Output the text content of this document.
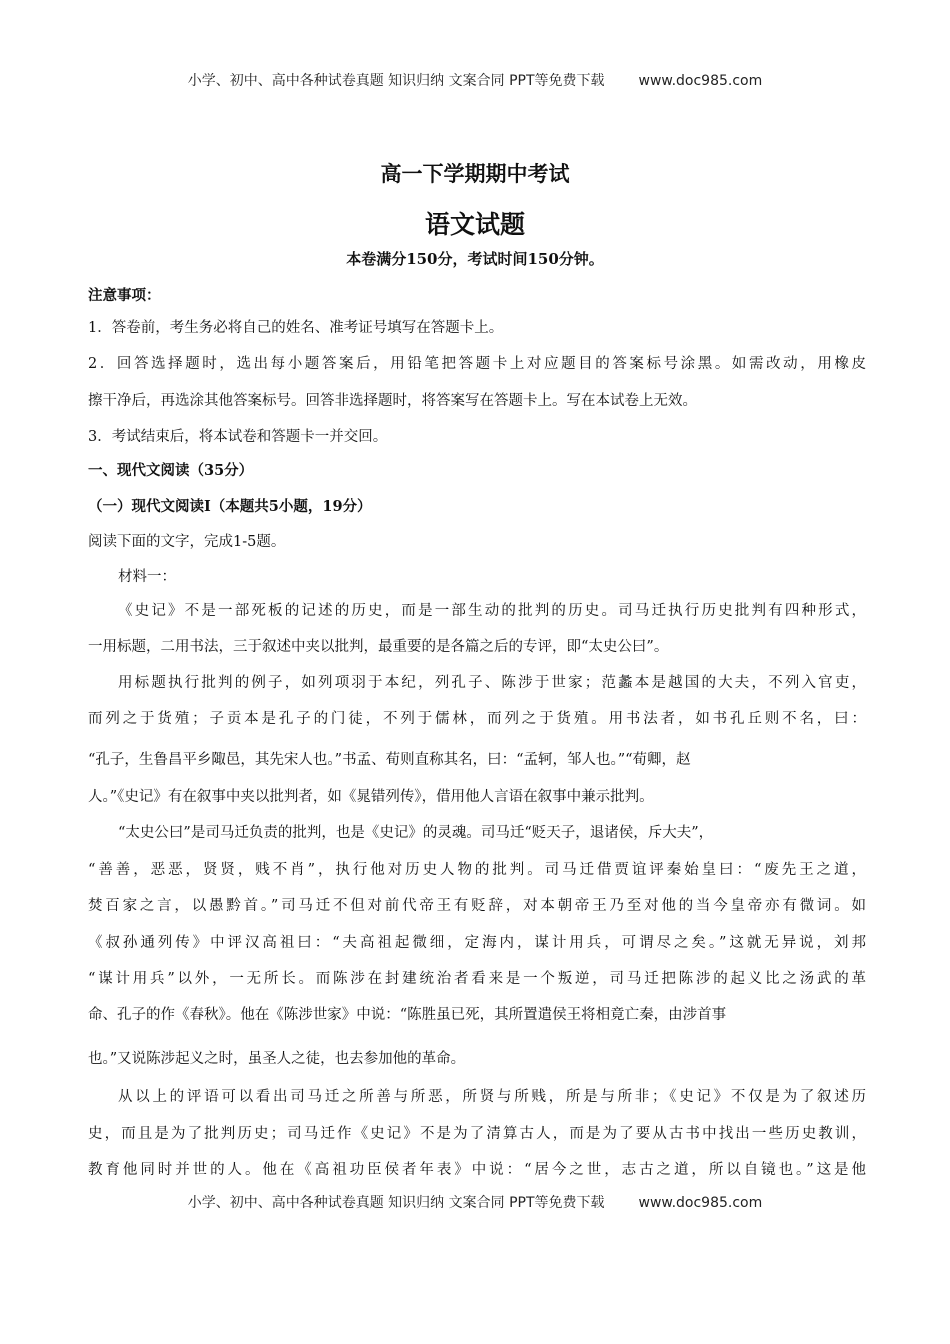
小学、初中、高中各种试卷真题 知识归纳 文案合同 PPT等免费下载 www.doc985.com
高一下学期期中考试
语文试题
本卷满分150分，考试时间150分钟。
注意事项：
1．答卷前，考生务必将自己的姓名、准考证号填写在答题卡上。
2．回答选择题时，选出每小题答案后，用铅笔把答题卡上对应题目的答案标号涂黑。如需改动，用橡皮
擦干净后，再选涂其他答案标号。回答非选择题时，将答案写在答题卡上。写在本试卷上无效。
3．考试结束后，将本试卷和答题卡一并交回。
一、现代文阅读（35分）
（一）现代文阅读Ⅰ（本题共5小题，19分）
阅读下面的文字，完成1-5题。
材料一：
《史记》不是一部死板的记述的历史，而是一部生动的批判的历史。司马迁执行历史批判有四种形式，
一用标题，二用书法，三于叙述中夹以批判，最重要的是各篇之后的专评，即“太史公曰”。
用标题执行批判的例子，如列项羽于本纪，列孔子、陈涉于世家；范蠡本是越国的大夫，不列入官吏，
而列之于货殖；子贡本是孔子的门徒，不列于儒林，而列之于货殖。用书法者，如书孔丘则不名，曰：
“孔子，生鲁昌平乡陬邑，其先宋人也。”书孟、荀则直称其名，曰：“孟轲，邹人也。”“荀卿，赵
人。”《史记》有在叙事中夹以批判者，如《晁错列传》，借用他人言语在叙事中兼示批判。
“太史公曰”是司马迁负责的批判，也是《史记》的灵魂。司马迁“贬天子，退诸侯，斥大夫”，
“善善，恶恶，贤贤，贱不肖”，执行他对历史人物的批判。司马迁借贾谊评秦始皇曰：“废先王之道，
焚百家之言，以愚黔首。”司马迁不但对前代帝王有贬辞，对本朝帝王乃至对他的当今皇帝亦有微词。如
《叔孙通列传》中评汉高祖曰：“夫高祖起微细，定海内，谋计用兵，可谓尽之矣。”这就无异说，刘邦
“谋计用兵”以外，一无所长。而陈涉在封建统治者看来是一个叛逆，司马迁把陈涉的起义比之汤武的革
命、孔子的作《春秋》。他在《陈涉世家》中说：“陈胜虽已死，其所置遣侯王将相竟亡秦，由涉首事
也。”又说陈涉起义之时，虽圣人之徒，也去参加他的革命。
从以上的评语可以看出司马迁之所善与所恶，所贤与所贱，所是与所非；《史记》不仅是为了叙述历
史，而且是为了批判历史；司马迁作《史记》不是为了清算古人，而是为了要从古书中找出一些历史教训，
教育他同时并世的人。他在《高祖功臣侯者年表》中说：“居今之世，志古之道，所以自镜也。”这是他
小学、初中、高中各种试卷真题 知识归纳 文案合同 PPT等免费下载 www.doc985.com
